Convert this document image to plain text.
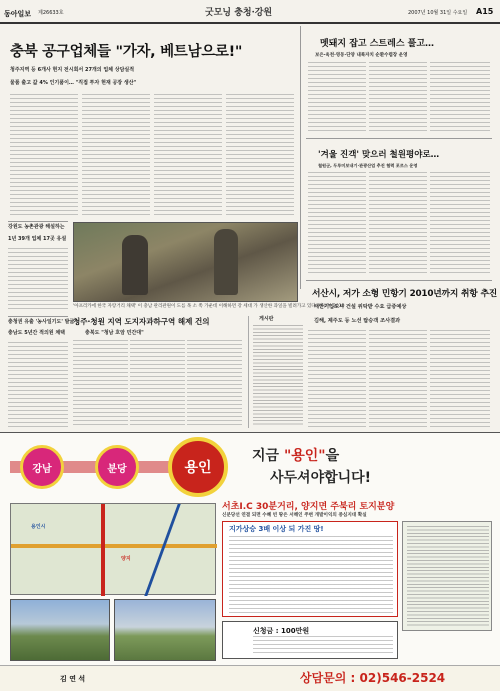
동아일보 제26633호	굿모닝 충청·강원	2007년 10월 31일 수요일 A15
충북 공구업체들 "가자, 베트남으로!"
청주지역 등 6개사 현지 전시회서 27개의 업체 상담실적
물품 출고 값 4% 인기품이… "직접 투자 현재 공장 생산"
강원도 농촌관광 해설하는
1년 39개 업체 17곳 유설
충청권 유출 '농사일기도' 발굴
충남도 5년간 적의원 채택
'아프리카에 한국 자랑거리 채택' 이 충남 관리관원이 도를 목 소 쪽 가운데 이해하면 강 세대 가 생산한 과일을 빌려가고 있다. 자료부 2010
청주·청원 지역 도지자과하구역 해제 건의
충북도 "청남 호암 민간대"
게시판
멧돼지 잡고 스트레스 풀고…
보은·옥천·영동·단양 내륙자치 순환수렵장 운영
'겨울 진객' 맞으러 철원평야로…
철원군, 두루미보내기·관광산업 추진 협력 포르스 운영
서산시, 저가 소형 민항기 2010년까지 취항 추진
태안기업도시 건설 위탁받 수요 급증예상
김해, 제주도 등 노선 탑승객 조사결과
강남	분당	용인
지금 "용인"을
사두셔야합니다!
용인시
양지
서초I.C 30분거리, 양지면 주북리 토지분양
신분당선 연결 되면 수혜 빈 땅은 서해인 주변 개발이익의 중심지대 확실
지가상승 3배 이상 되 가진 땅!
신청금 : 100만원
김 연 석	상담문의 : 02)546-2524
